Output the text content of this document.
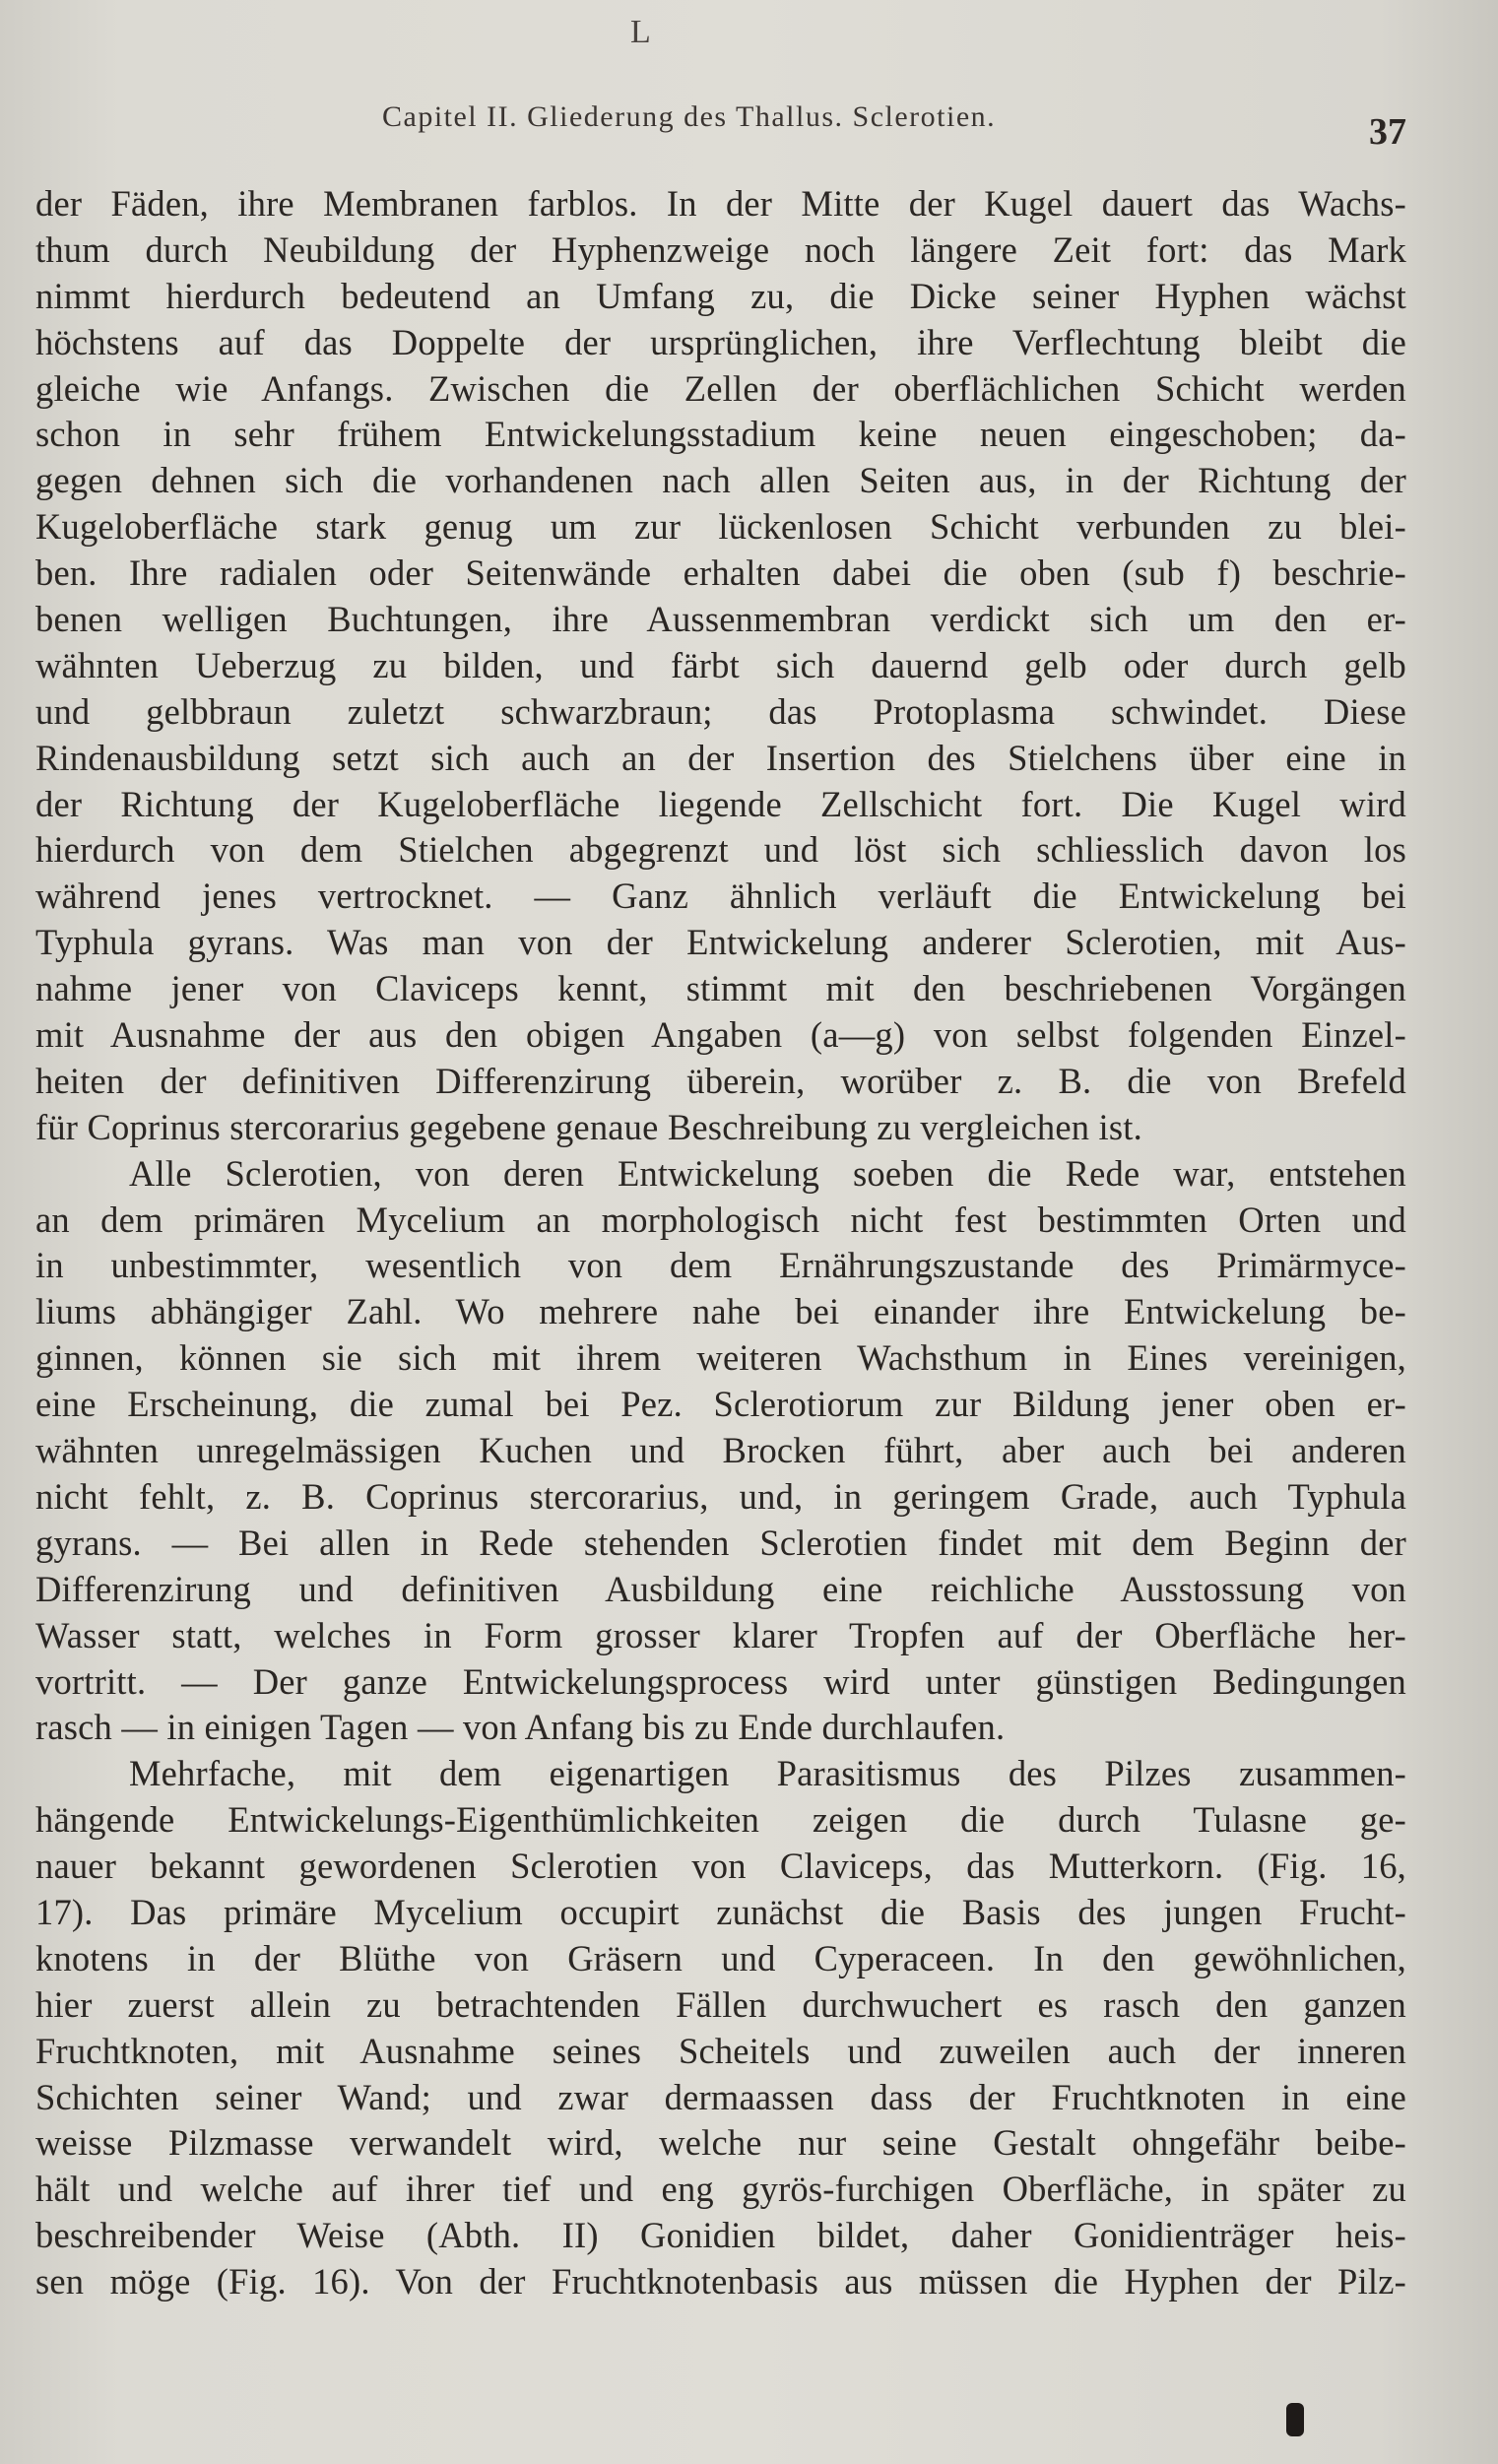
L
Capitel II. Gliederung des Thallus. Sclerotien.	37
der Fäden, ihre Membranen farblos. In der Mitte der Kugel dauert das Wachs-
thum durch Neubildung der Hyphenzweige noch längere Zeit fort: das Mark
nimmt hierdurch bedeutend an Umfang zu, die Dicke seiner Hyphen wächst
höchstens auf das Doppelte der ursprünglichen, ihre Verflechtung bleibt die
gleiche wie Anfangs. Zwischen die Zellen der oberflächlichen Schicht werden
schon in sehr frühem Entwickelungsstadium keine neuen eingeschoben; da-
gegen dehnen sich die vorhandenen nach allen Seiten aus, in der Richtung der
Kugeloberfläche stark genug um zur lückenlosen Schicht verbunden zu blei-
ben. Ihre radialen oder Seitenwände erhalten dabei die oben (sub f) beschrie-
benen welligen Buchtungen, ihre Aussenmembran verdickt sich um den er-
wähnten Ueberzug zu bilden, und färbt sich dauernd gelb oder durch gelb
und gelbbraun zuletzt schwarzbraun; das Protoplasma schwindet. Diese
Rindenausbildung setzt sich auch an der Insertion des Stielchens über eine in
der Richtung der Kugeloberfläche liegende Zellschicht fort. Die Kugel wird
hierdurch von dem Stielchen abgegrenzt und löst sich schliesslich davon los
während jenes vertrocknet. — Ganz ähnlich verläuft die Entwickelung bei
Typhula gyrans. Was man von der Entwickelung anderer Sclerotien, mit Aus-
nahme jener von Claviceps kennt, stimmt mit den beschriebenen Vorgängen
mit Ausnahme der aus den obigen Angaben (a—g) von selbst folgenden Einzel-
heiten der definitiven Differenzirung überein, worüber z. B. die von Brefeld
für Coprinus stercorarius gegebene genaue Beschreibung zu vergleichen ist.
Alle Sclerotien, von deren Entwickelung soeben die Rede war, entstehen
an dem primären Mycelium an morphologisch nicht fest bestimmten Orten und
in unbestimmter, wesentlich von dem Ernährungszustande des Primärmyce-
liums abhängiger Zahl. Wo mehrere nahe bei einander ihre Entwickelung be-
ginnen, können sie sich mit ihrem weiteren Wachsthum in Eines vereinigen,
eine Erscheinung, die zumal bei Pez. Sclerotiorum zur Bildung jener oben er-
wähnten unregelmässigen Kuchen und Brocken führt, aber auch bei anderen
nicht fehlt, z. B. Coprinus stercorarius, und, in geringem Grade, auch Typhula
gyrans. — Bei allen in Rede stehenden Sclerotien findet mit dem Beginn der
Differenzirung und definitiven Ausbildung eine reichliche Ausstossung von
Wasser statt, welches in Form grosser klarer Tropfen auf der Oberfläche her-
vortritt. — Der ganze Entwickelungsprocess wird unter günstigen Bedingungen
rasch — in einigen Tagen — von Anfang bis zu Ende durchlaufen.
Mehrfache, mit dem eigenartigen Parasitismus des Pilzes zusammen-
hängende Entwickelungs-Eigenthümlichkeiten zeigen die durch Tulasne ge-
nauer bekannt gewordenen Sclerotien von Claviceps, das Mutterkorn. (Fig. 16,
17). Das primäre Mycelium occupirt zunächst die Basis des jungen Frucht-
knotens in der Blüthe von Gräsern und Cyperaceen. In den gewöhnlichen,
hier zuerst allein zu betrachtenden Fällen durchwuchert es rasch den ganzen
Fruchtknoten, mit Ausnahme seines Scheitels und zuweilen auch der inneren
Schichten seiner Wand; und zwar dermaassen dass der Fruchtknoten in eine
weisse Pilzmasse verwandelt wird, welche nur seine Gestalt ohngefähr beibe-
hält und welche auf ihrer tief und eng gyrös-furchigen Oberfläche, in später zu
beschreibender Weise (Abth. II) Gonidien bildet, daher Gonidienträger heis-
sen möge (Fig. 16). Von der Fruchtknotenbasis aus müssen die Hyphen der Pilz-
